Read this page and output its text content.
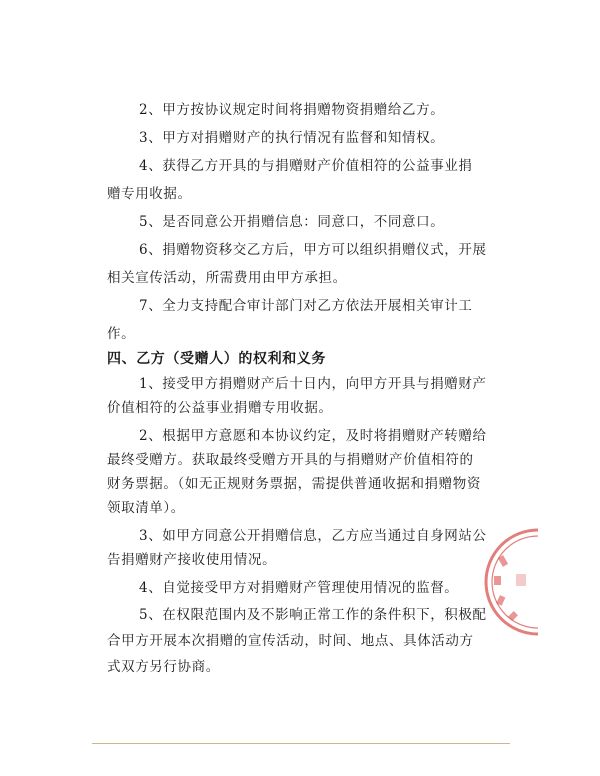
2、甲方按协议规定时间将捐赠物资捐赠给乙方。
3、甲方对捐赠财产的执行情况有监督和知情权。
4、获得乙方开具的与捐赠财产价值相符的公益事业捐
赠专用收据。
5、是否同意公开捐赠信息：同意口，不同意口。
6、捐赠物资移交乙方后，甲方可以组织捐赠仪式，开展
相关宣传活动，所需费用由甲方承担。
7、全力支持配合审计部门对乙方依法开展相关审计工
作。
四、乙方（受赠人）的权利和义务
1、接受甲方捐赠财产后十日内，向甲方开具与捐赠财产
价值相符的公益事业捐赠专用收据。
2、根据甲方意愿和本协议约定，及时将捐赠财产转赠给
最终受赠方。获取最终受赠方开具的与捐赠财产价值相符的
财务票据。（如无正规财务票据，需提供普通收据和捐赠物资
领取清单）。
3、如甲方同意公开捐赠信息，乙方应当通过自身网站公
告捐赠财产接收使用情况。
4、自觉接受甲方对捐赠财产管理使用情况的监督。
5、在权限范围内及不影响正常工作的条件积下，积极配
合甲方开展本次捐赠的宣传活动，时间、地点、具体活动方
式双方另行协商。
